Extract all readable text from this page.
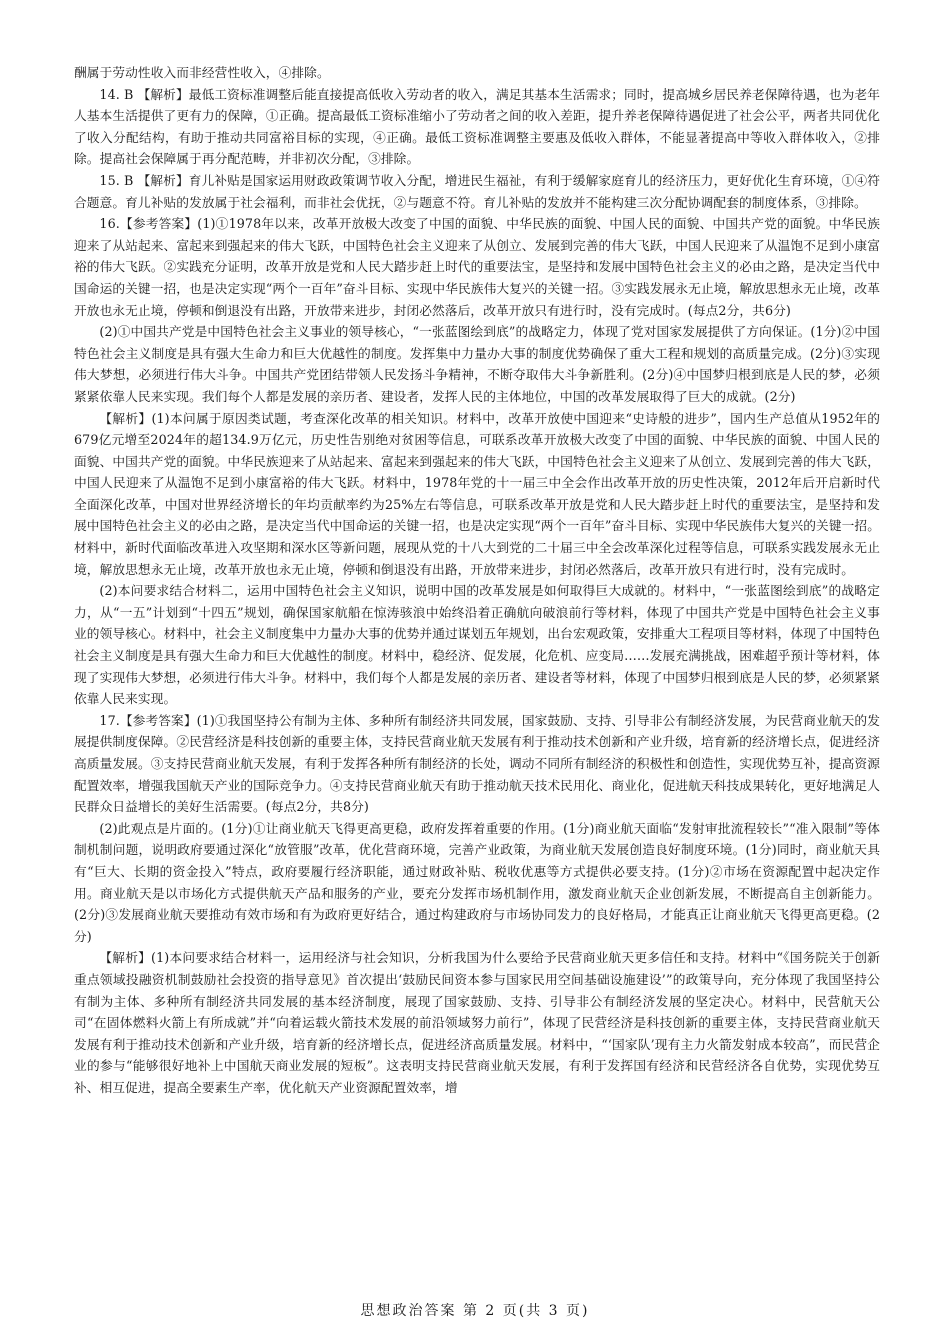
酬属于劳动性收入而非经营性收入，④排除。

14. B 【解析】最低工资标准调整后能直接提高低收入劳动者的收入，满足其基本生活需求；同时，提高城乡居民养老保障待遇，也为老年人基本生活提供了更有力的保障，①正确。提高最低工资标准缩小了劳动者之间的收入差距，提升养老保障待遇促进了社会公平，两者共同优化了收入分配结构，有助于推动共同富裕目标的实现，④正确。最低工资标准调整主要惠及低收入群体，不能显著提高中等收入群体收入，②排除。提高社会保障属于再分配范畴，并非初次分配，③排除。

15. B 【解析】育儿补贴是国家运用财政政策调节收入分配，增进民生福祉，有利于缓解家庭育儿的经济压力，更好优化生育环境，①④符合题意。育儿补贴的发放属于社会福利，而非社会优抚，②与题意不符。育儿补贴的发放并不能构建三次分配协调配套的制度体系，③排除。

16.【参考答案】(1)①1978年以来，改革开放极大改变了中国的面貌、中华民族的面貌、中国人民的面貌、中国共产党的面貌。中华民族迎来了从站起来、富起来到强起来的伟大飞跃，中国特色社会主义迎来了从创立、发展到完善的伟大飞跃，中国人民迎来了从温饱不足到小康富裕的伟大飞跃。②实践充分证明，改革开放是党和人民大踏步赶上时代的重要法宝，是坚持和发展中国特色社会主义的必由之路，是决定当代中国命运的关键一招，也是决定实现“两个一百年”奋斗目标、实现中华民族伟大复兴的关键一招。③实践发展永无止境，解放思想永无止境，改革开放也永无止境，停顿和倒退没有出路，开放带来进步，封闭必然落后，改革开放只有进行时，没有完成时。(每点2分，共6分)

(2)①中国共产党是中国特色社会主义事业的领导核心，“一张蓝图绘到底”的战略定力，体现了党对国家发展提供了方向保证。(1分)②中国特色社会主义制度是具有强大生命力和巨大优越性的制度。发挥集中力量办大事的制度优势确保了重大工程和规划的高质量完成。(2分)③实现伟大梦想，必须进行伟大斗争。中国共产党团结带领人民发扬斗争精神，不断夺取伟大斗争新胜利。(2分)④中国梦归根到底是人民的梦，必须紧紧依靠人民来实现。我们每个人都是发展的亲历者、建设者，发挥人民的主体地位，中国的改革发展取得了巨大的成就。(2分)

【解析】(1)本问属于原因类试题，考查深化改革的相关知识。材料中，改革开放使中国迎来“史诗般的进步”，国内生产总值从1952年的679亿元增至2024年的超134.9万亿元，历史性告别绝对贫困等信息，可联系改革开放极大改变了中国的面貌、中华民族的面貌、中国人民的面貌、中国共产党的面貌。中华民族迎来了从站起来、富起来到强起来的伟大飞跃，中国特色社会主义迎来了从创立、发展到完善的伟大飞跃，中国人民迎来了从温饱不足到小康富裕的伟大飞跃。材料中，1978年党的十一届三中全会作出改革开放的历史性决策，2012年后开启新时代全面深化改革，中国对世界经济增长的年均贡献率约为25%左右等信息，可联系改革开放是党和人民大踏步赶上时代的重要法宝，是坚持和发展中国特色社会主义的必由之路，是决定当代中国命运的关键一招，也是决定实现“两个一百年”奋斗目标、实现中华民族伟大复兴的关键一招。材料中，新时代面临改革进入攻坚期和深水区等新问题，展现从党的十八大到党的二十届三中全会改革深化过程等信息，可联系实践发展永无止境，解放思想永无止境，改革开放也永无止境，停顿和倒退没有出路，开放带来进步，封闭必然落后，改革开放只有进行时，没有完成时。

(2)本问要求结合材料二，运用中国特色社会主义知识，说明中国的改革发展是如何取得巨大成就的。材料中，“一张蓝图绘到底”的战略定力，从“一五”计划到“十四五”规划，确保国家航船在惊涛骇浪中始终沿着正确航向破浪前行等材料，体现了中国共产党是中国特色社会主义事业的领导核心。材料中，社会主义制度集中力量办大事的优势并通过谋划五年规划，出台宏观政策，安排重大工程项目等材料，体现了中国特色社会主义制度是具有强大生命力和巨大优越性的制度。材料中，稳经济、促发展，化危机、应变局……发展充满挑战，困难超乎预计等材料，体现了实现伟大梦想，必须进行伟大斗争。材料中，我们每个人都是发展的亲历者、建设者等材料，体现了中国梦归根到底是人民的梦，必须紧紧依靠人民来实现。

17.【参考答案】(1)①我国坚持公有制为主体、多种所有制经济共同发展，国家鼓励、支持、引导非公有制经济发展，为民营商业航天的发展提供制度保障。②民营经济是科技创新的重要主体，支持民营商业航天发展有利于推动技术创新和产业升级，培育新的经济增长点，促进经济高质量发展。③支持民营商业航天发展，有利于发挥各种所有制经济的长处，调动不同所有制经济的积极性和创造性，实现优势互补，提高资源配置效率，增强我国航天产业的国际竞争力。④支持民营商业航天有助于推动航天技术民用化、商业化，促进航天科技成果转化，更好地满足人民群众日益增长的美好生活需要。(每点2分，共8分)

(2)此观点是片面的。(1分)①让商业航天飞得更高更稳，政府发挥着重要的作用。(1分)商业航天面临“发射审批流程较长”“准入限制”等体制机制问题，说明政府要通过深化“放管服”改革，优化营商环境，完善产业政策，为商业航天发展创造良好制度环境。(1分)同时，商业航天具有“巨大、长期的资金投入”特点，政府要履行经济职能，通过财政补贴、税收优惠等方式提供必要支持。(1分)②市场在资源配置中起决定作用。商业航天是以市场化方式提供航天产品和服务的产业，要充分发挥市场机制作用，激发商业航天企业创新发展，不断提高自主创新能力。(2分)③发展商业航天要推动有效市场和有为政府更好结合，通过构建政府与市场协同发力的良好格局，才能真正让商业航天飞得更高更稳。(2分)

【解析】(1)本问要求结合材料一，运用经济与社会知识，分析我国为什么要给予民营商业航天更多信任和支持。材料中“《国务院关于创新重点领域投融资机制鼓励社会投资的指导意见》首次提出‘鼓励民间资本参与国家民用空间基础设施建设’”的政策导向，充分体现了我国坚持公有制为主体、多种所有制经济共同发展的基本经济制度，展现了国家鼓励、支持、引导非公有制经济发展的坚定决心。材料中，民营航天公司“在固体燃料火箭上有所成就”并“向着运载火箭技术发展的前沿领域努力前行”，体现了民营经济是科技创新的重要主体，支持民营商业航天发展有利于推动技术创新和产业升级，培育新的经济增长点，促进经济高质量发展。材料中，“‘国家队’现有主力火箭发射成本较高”，而民营企业的参与“能够很好地补上中国航天商业发展的短板”。这表明支持民营商业航天发展，有利于发挥国有经济和民营经济各自优势，实现优势互补、相互促进，提高全要素生产率，优化航天产业资源配置效率，增

思想政治答案 第 2 页(共 3 页)
